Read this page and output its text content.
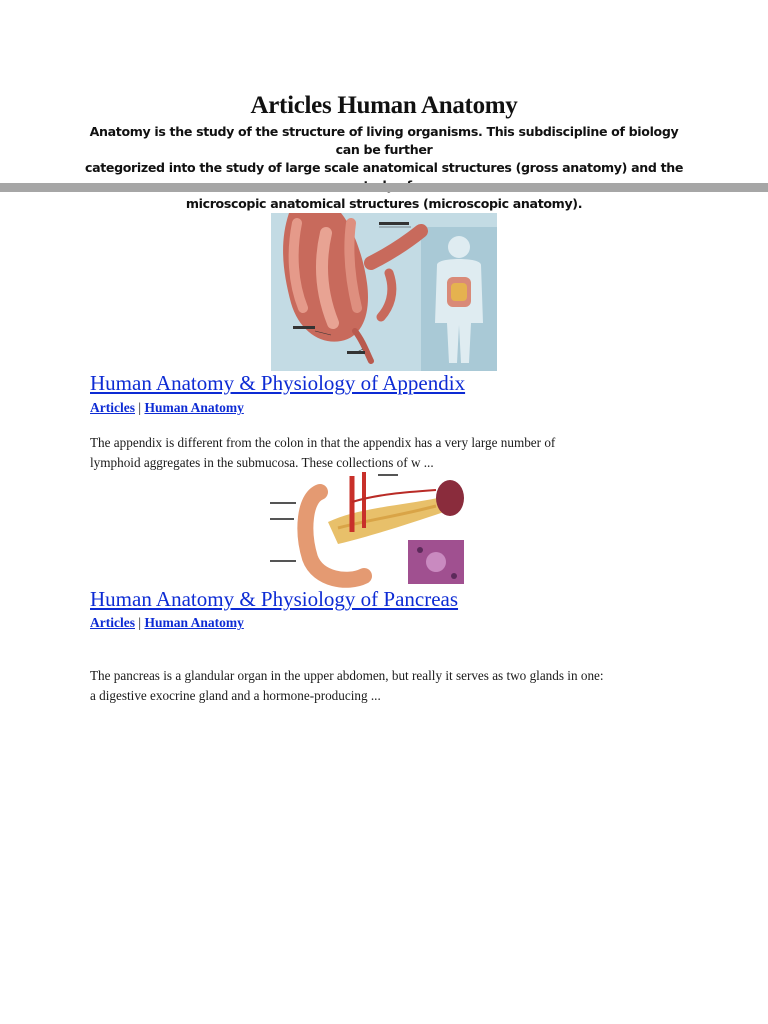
Articles Human Anatomy
Anatomy is the study of the structure of living organisms. This subdiscipline of biology can be further
categorized into the study of large scale anatomical structures (gross anatomy) and the
microscopic anatomical structures (microscopic anatomy).
Human Anatomy & Physiology of Appendix
Articles | Human Anatomy

The appendix is different from the colon in that the appendix has a very large number of

lymphoid aggregates in the submucosa. These collections of w ...

Human Anatomy & Physiology of Pancreas
Articles | Human Anatomy

The pancreas is a glandular organ in the upper abdomen, but really it serves as two glands in one:

a digestive exocrine gland and a hormone-producing ...
